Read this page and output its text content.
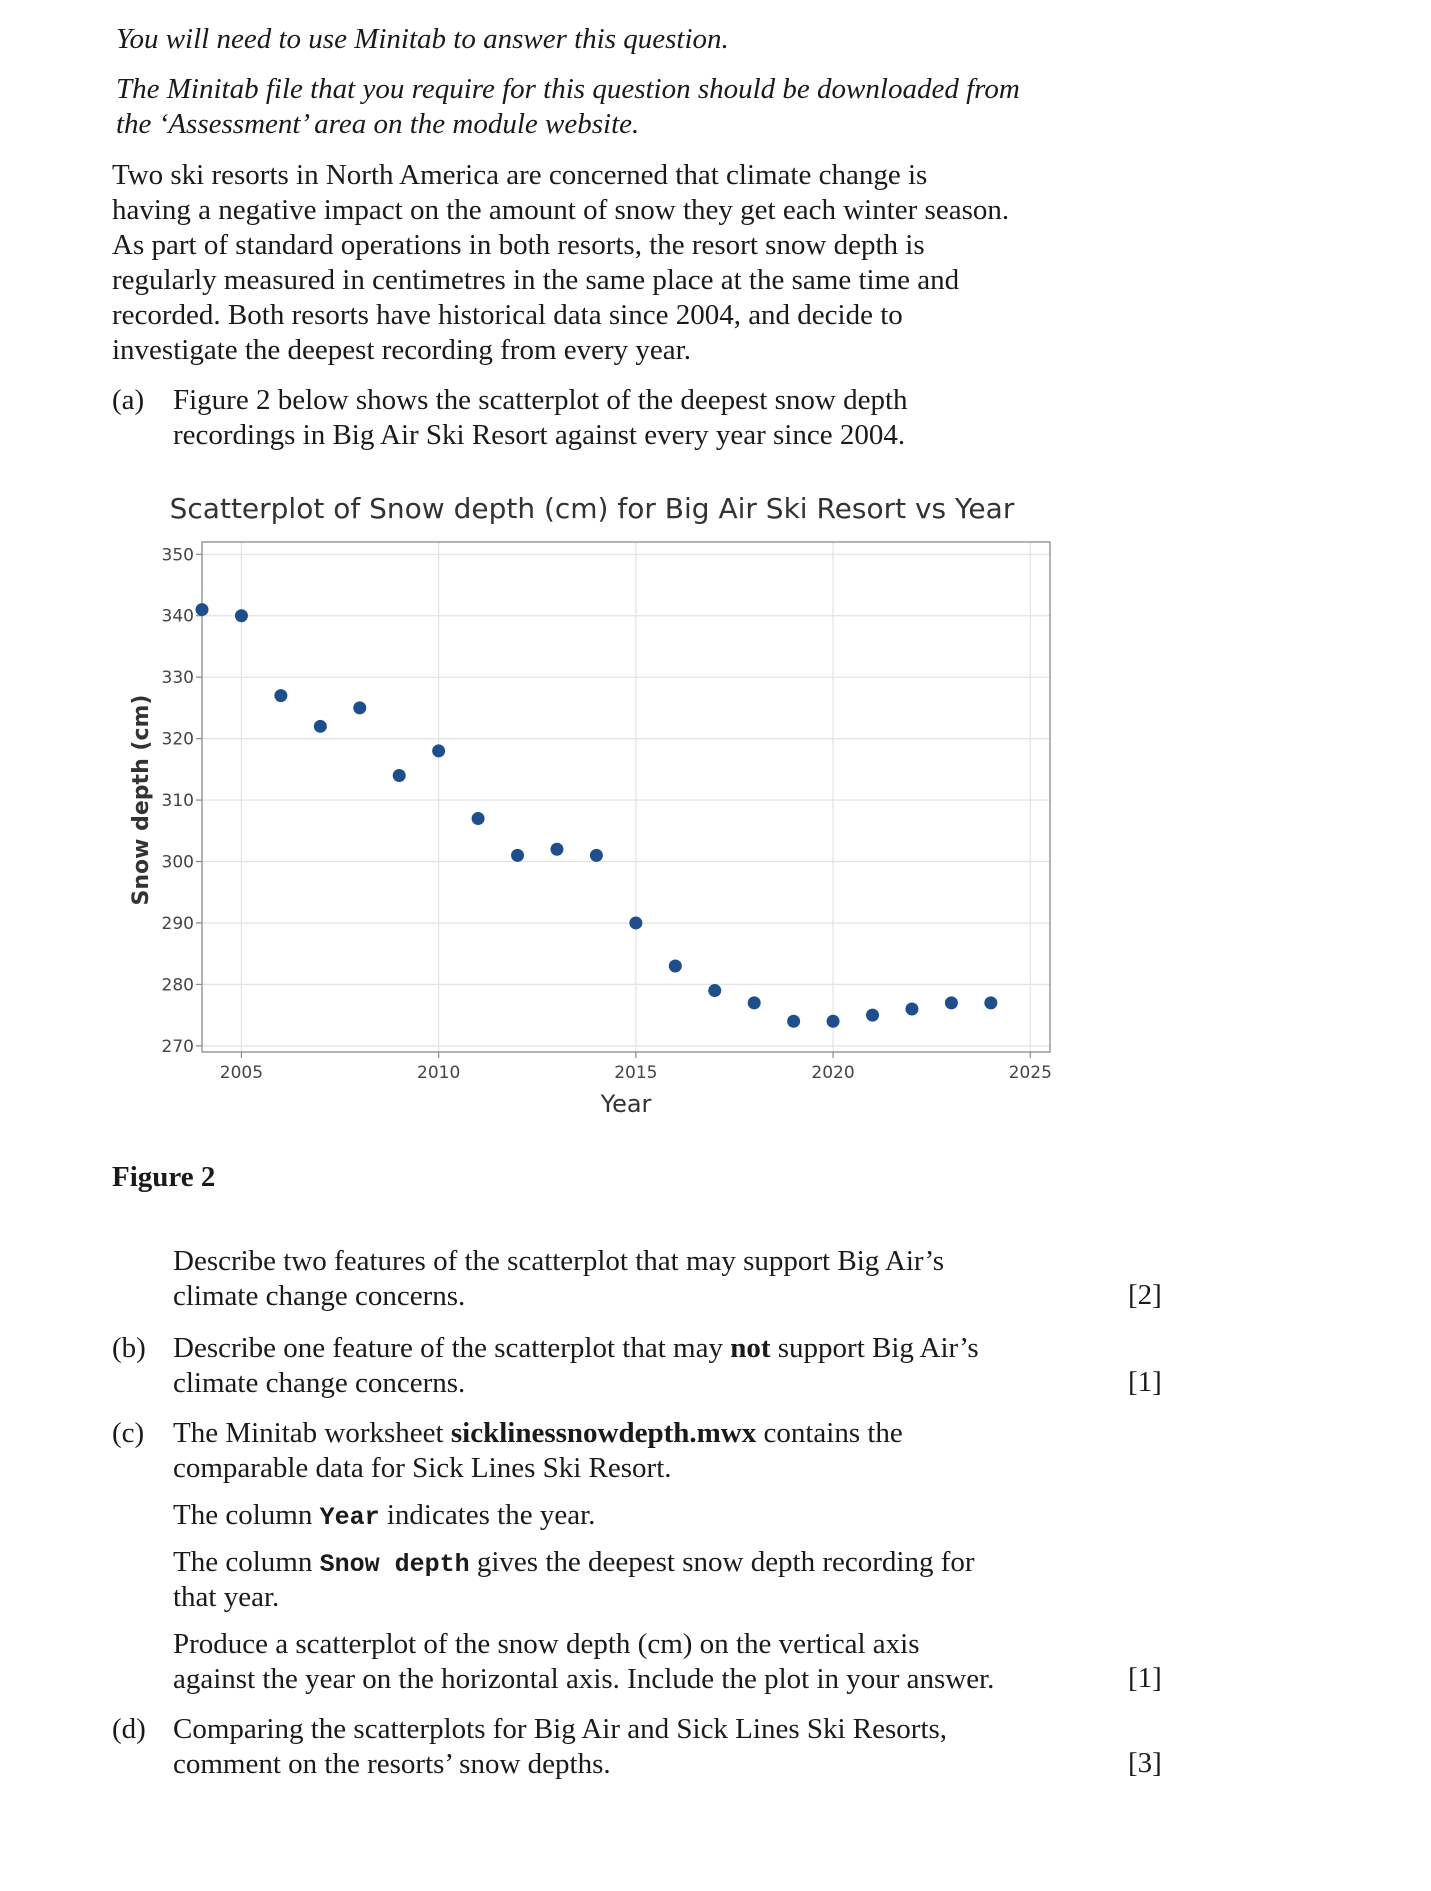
You will need to use Minitab to answer this question.

The Minitab file that you require for this question should be downloaded from

the ‘Assessment’ area on the module website.

Two ski resorts in North America are concerned that climate change is

having a negative impact on the amount of snow they get each winter season.

As part of standard operations in both resorts, the resort snow depth is

regularly measured in centimetres in the same place at the same time and

recorded. Both resorts have historical data since 2004, and decide to

investigate the deepest recording from every year.

(a) Figure 2 below shows the scatterplot of the deepest snow depth

recordings in Big Air Ski Resort against every year since 2004.

Scatterplot of Snow depth (cm) for Big Air Ski Resort vs Year
270
280
290
300
310
320
330
340
350
2005	2010	2015	2020	2025
Year
Snow depth (cm)

Figure 2

Describe two features of the scatterplot that may support Big Air’s

climate change concerns.	[2]
(b) Describe one feature of the scatterplot that may not support Big Air’s

climate change concerns.	[1]
(c) The Minitab worksheet sicklinessnowdepth.mwx contains the

comparable data for Sick Lines Ski Resort.

The column Year indicates the year.

The column Snow depth gives the deepest snow depth recording for

that year.

Produce a scatterplot of the snow depth (cm) on the vertical axis

against the year on the horizontal axis. Include the plot in your answer.	[1]
(d) Comparing the scatterplots for Big Air and Sick Lines Ski Resorts,

comment on the resorts’ snow depths.	[3]
